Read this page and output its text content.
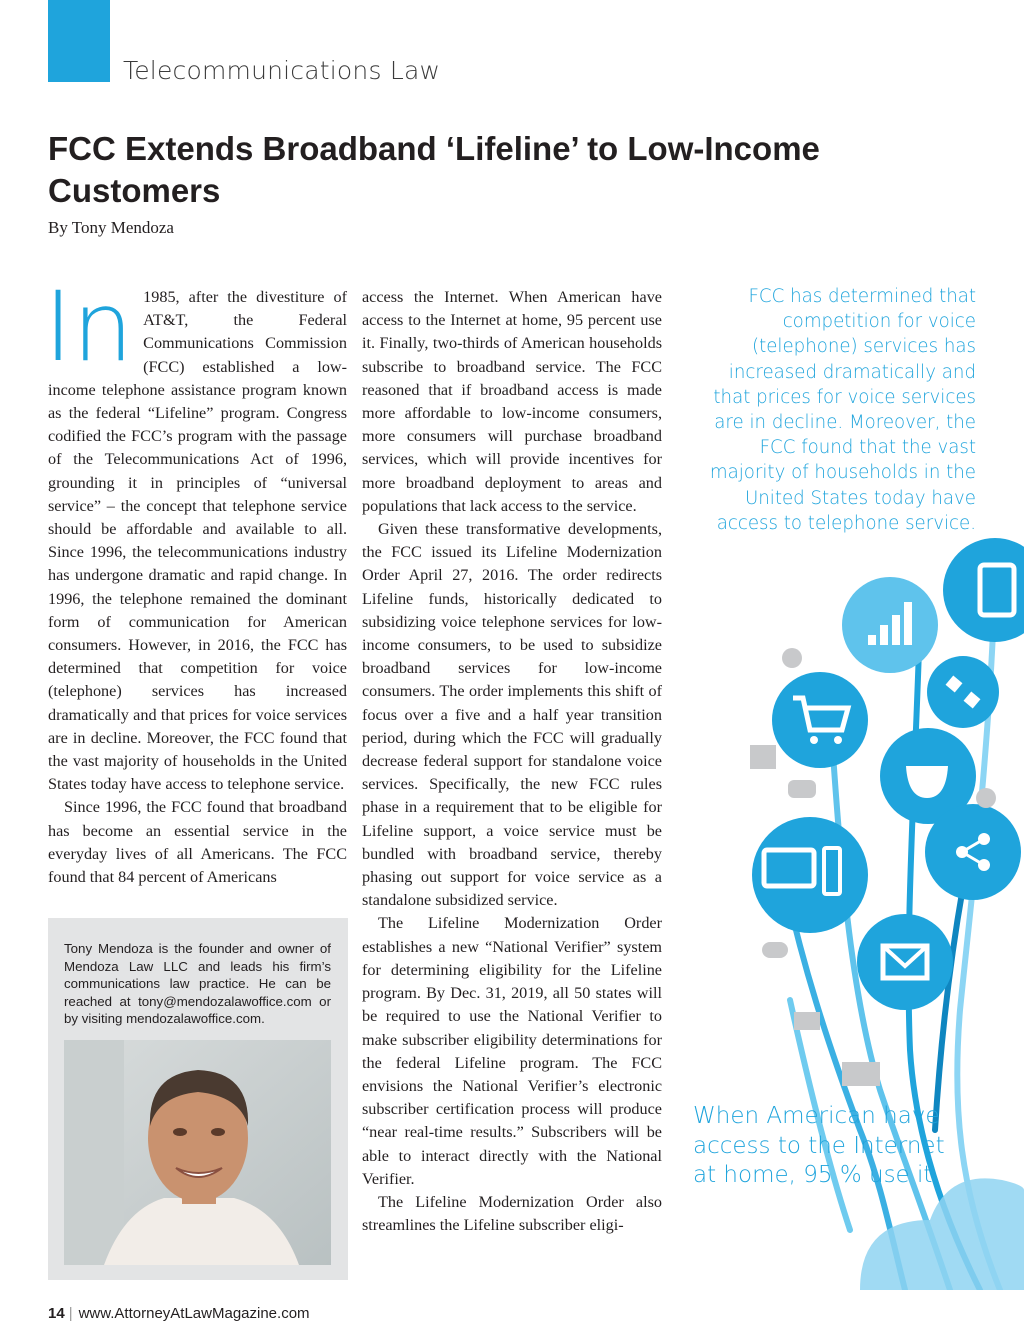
Telecommunications Law
FCC Extends Broadband ‘Lifeline’ to Low-Income Customers
By Tony Mendoza

In 1985, after the divestiture of AT&T, the Federal Communications Commission (FCC) established a low-income telephone assistance program known as the federal “Lifeline” program. Congress codified the FCC’s program with the passage of the Telecommunications Act of 1996, grounding it in principles of “universal service” – the concept that telephone service should be affordable and available to all. Since 1996, the telecommunications industry has undergone dramatic and rapid change. In 1996, the telephone remained the dominant form of communication for American consumers. However, in 2016, the FCC has determined that competition for voice (telephone) services has increased dramatically and that prices for voice services are in decline. Moreover, the FCC found that the vast majority of households in the United States today have access to telephone service.

Since 1996, the FCC found that broadband has become an essential service in the everyday lives of all Americans. The FCC found that 84 percent of Americans

access the Internet. When American have access to the Internet at home, 95 percent use it. Finally, two-thirds of American households subscribe to broadband service. The FCC reasoned that if broadband access is made more affordable to low-income consumers, more consumers will purchase broadband services, which will provide incentives for more broadband deployment to areas and populations that lack access to the service.

Given these transformative developments, the FCC issued its Lifeline Modernization Order April 27, 2016. The order redirects Lifeline funds, historically dedicated to subsidizing voice telephone services for low-income consumers, to be used to subsidize broadband services for low-income consumers. The order implements this shift of focus over a five and a half year transition period, during which the FCC will gradually decrease federal support for standalone voice services. Specifically, the new FCC rules phase in a requirement that to be eligible for Lifeline support, a voice service must be bundled with broadband service, thereby phasing out support for voice service as a standalone subsidized service.

The Lifeline Modernization Order establishes a new “National Verifier” system for determining eligibility for the Lifeline program. By Dec. 31, 2019, all 50 states will be required to use the National Verifier to make subscriber eligibility determinations for the federal Lifeline program. The FCC envisions the National Verifier’s electronic subscriber certification process will produce “near real-time results.” Subscribers will be able to interact directly with the National Verifier.

The Lifeline Modernization Order also streamlines the Lifeline subscriber eligi-

Tony Mendoza is the founder and owner of Mendoza Law LLC and leads his firm’s communications law practice. He can be reached at tony@mendozalawoffice.com or by visiting mendozalawoffice.com.

FCC has determined that competition for voice (telephone) services has increased dramatically and that prices for voice services are in decline. Moreover, the FCC found that the vast majority of households in the United States today have access to telephone service.

When American have access to the Internet at home, 95 % use it.

14 | www.AttorneyAtLawMagazine.com
